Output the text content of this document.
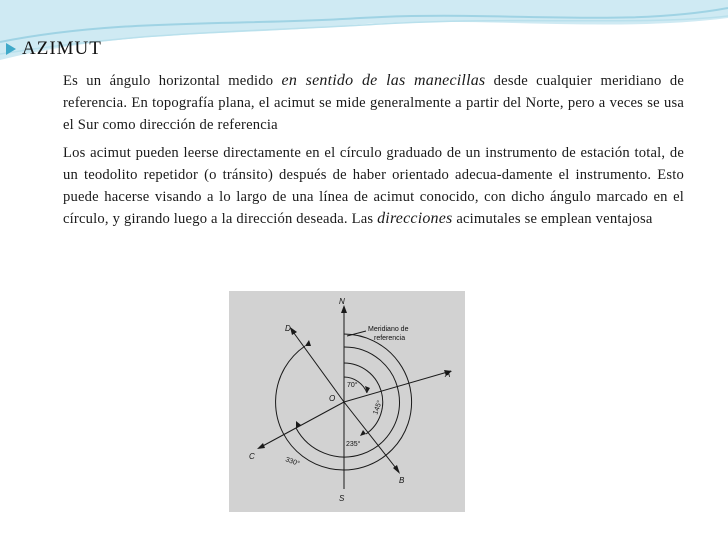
AZIMUT

Es un ángulo horizontal medido en sentido de las manecillas desde cualquier meridiano de referencia. En topografía plana, el acimut se mide generalmente a partir del Norte, pero a veces se usa el Sur como dirección de referencia

Los acimut pueden leerse directamente en el círculo graduado de un instrumento de estación total, de un teodolito repetidor (o tránsito) después de haber orientado adecua-damente el instrumento. Esto puede hacerse visando a lo largo de una línea de acimut conocido, con dicho ángulo marcado en el círculo, y girando luego a la dirección deseada. Las direcciones acimutales se emplean ventajosa

N
S
O
A
B
C
D	Meridiano de
referencia
70°
145°
235°
330°
